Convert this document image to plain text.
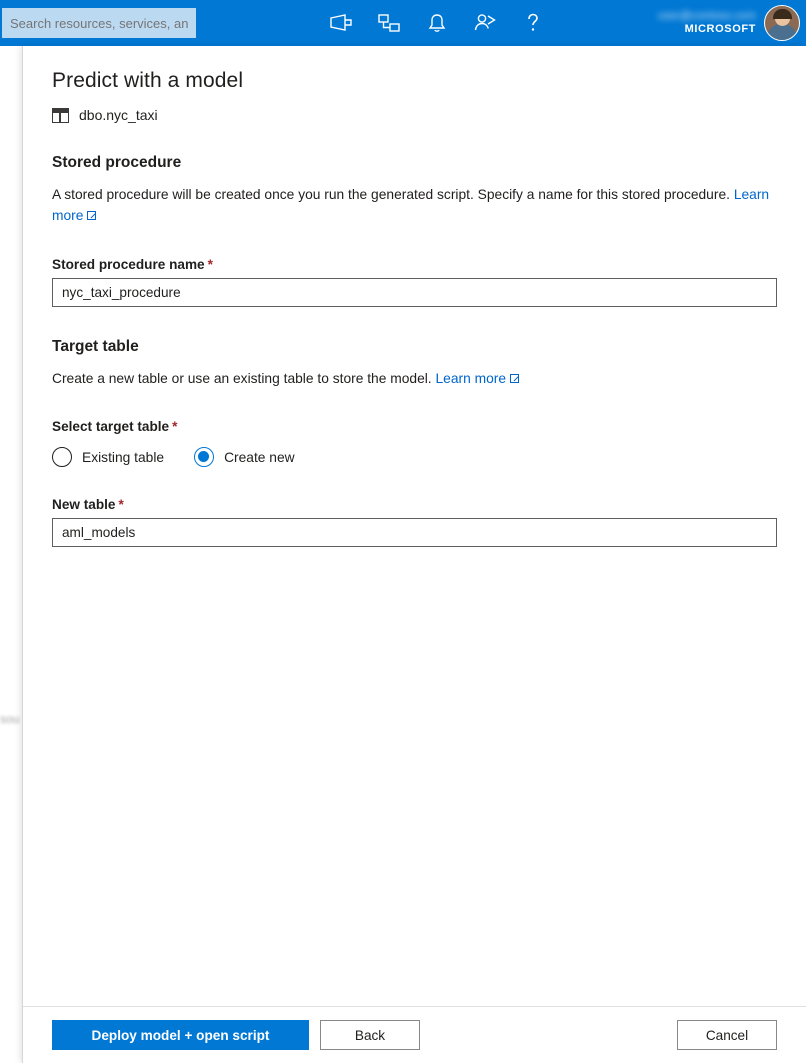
Search resources, services, and docs (G+/)
user@contoso.com
MICROSOFT
sou
Predict with a model
dbo.nyc_taxi
Stored procedure

A stored procedure will be created once you run the generated script. Specify a name for this stored procedure. Learn more

Stored procedure name *
nyc_taxi_procedure
Target table

Create a new table or use an existing table to store the model. Learn more

Select target table *
Existing table	Create new
New table *
aml_models
Deploy model + open script	Back	Cancel
